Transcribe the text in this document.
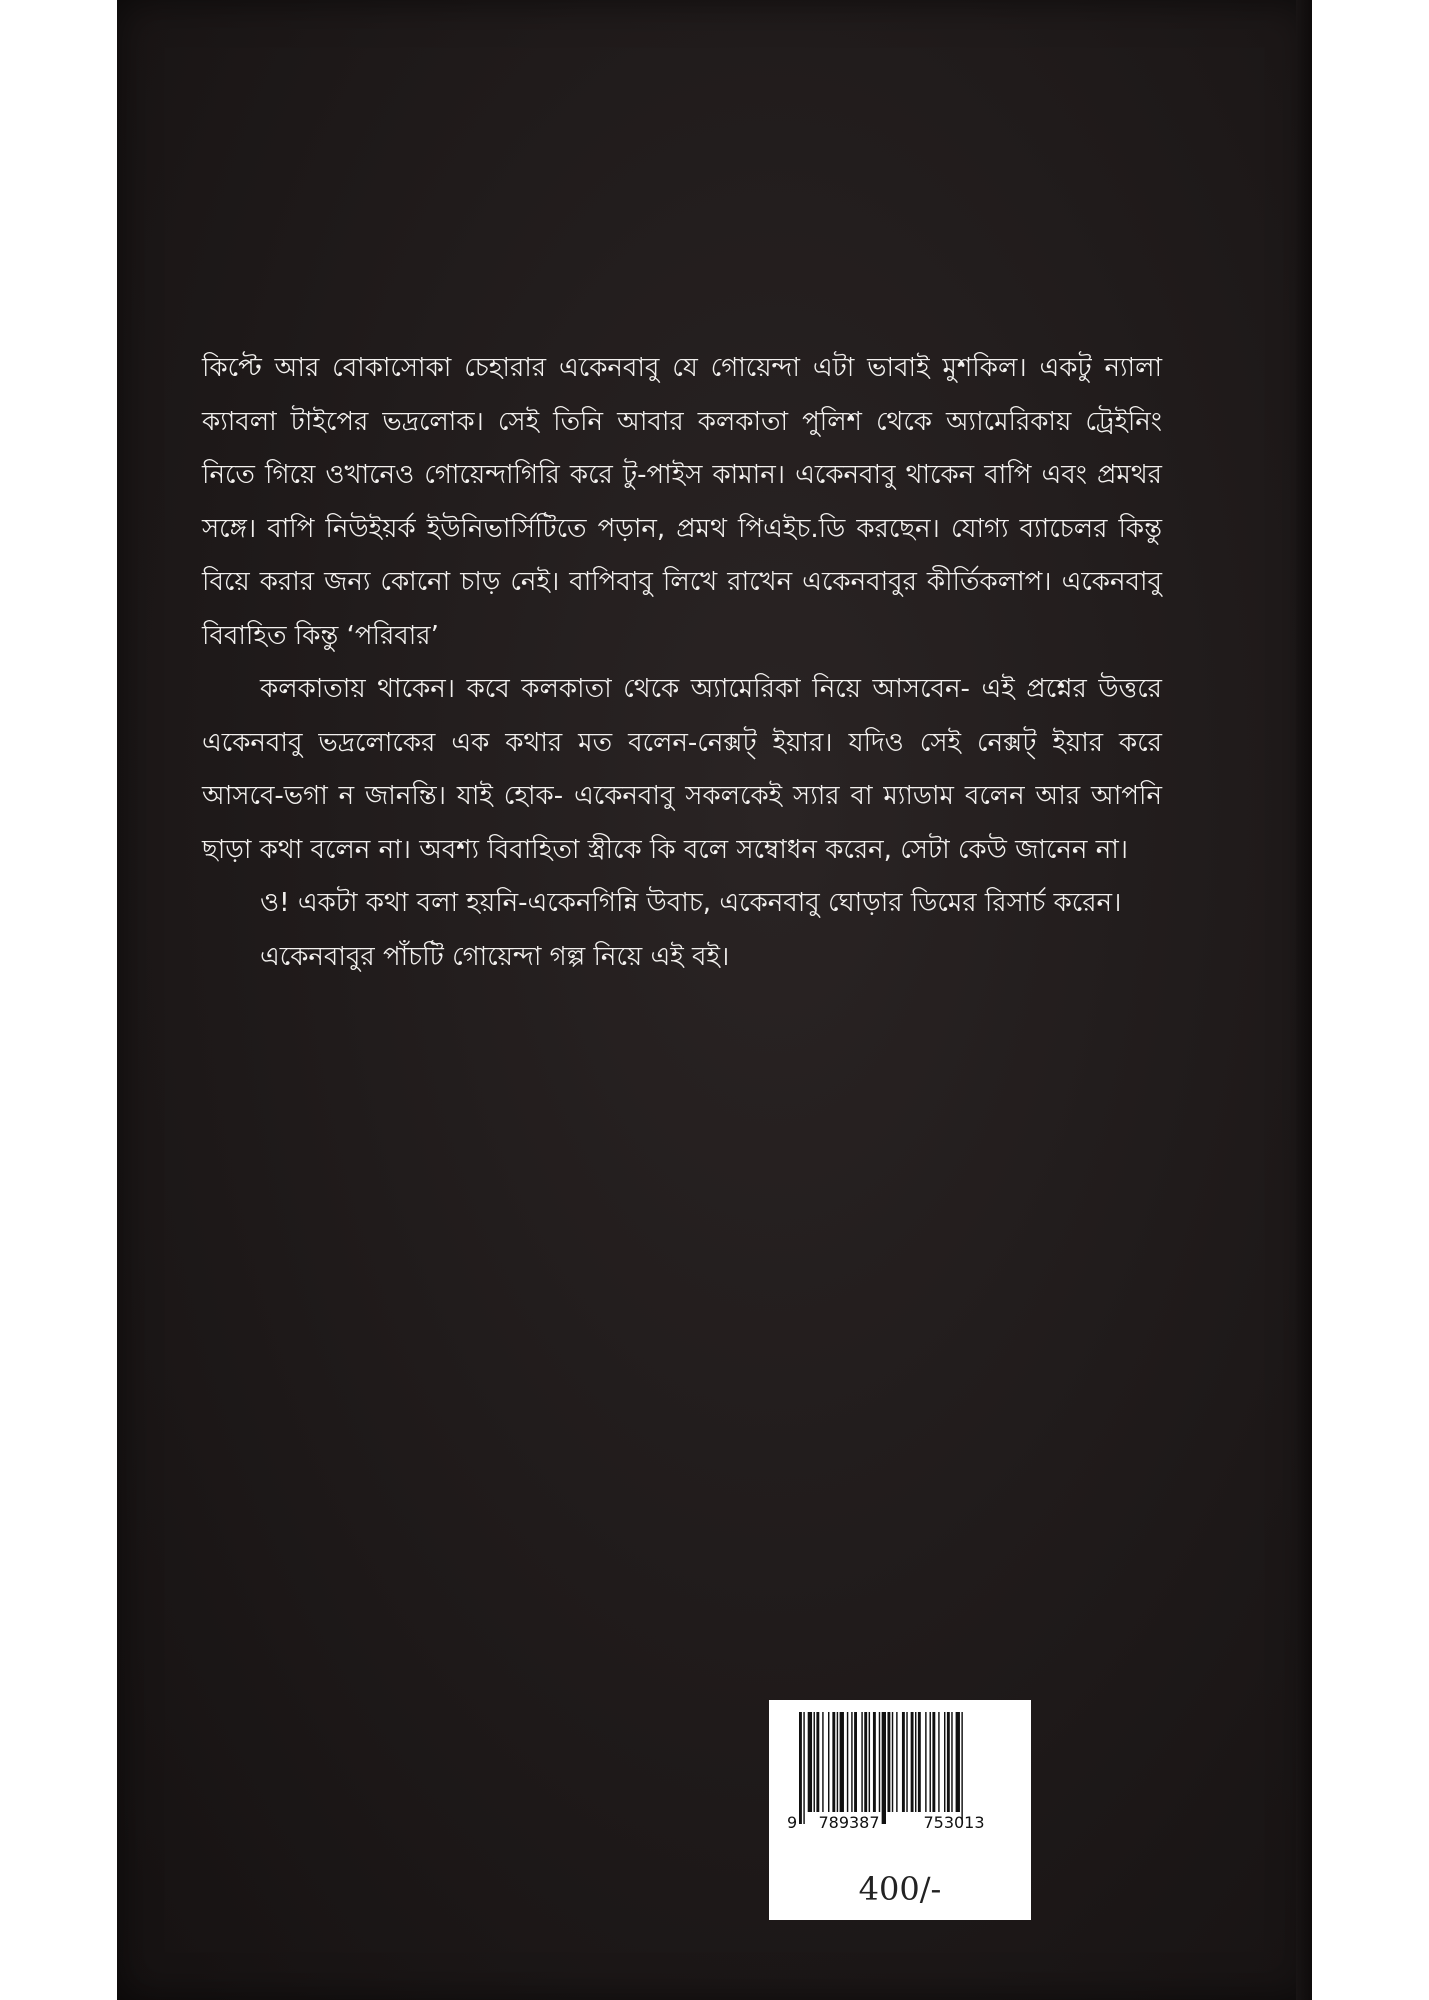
কিপ্টে আর বোকাসোকা চেহারার একেনবাবু যে গোয়েন্দা এটা ভাবাই মুশকিল। একটু ন্যালা ক্যাবলা টাইপের ভদ্রলোক। সেই তিনি আবার কলকাতা পুলিশ থেকে অ্যামেরিকায় ট্রেইনিং নিতে গিয়ে ওখানেও গোয়েন্দাগিরি করে টু-পাইস কামান। একেনবাবু থাকেন বাপি এবং প্রমথর সঙ্গে। বাপি নিউইয়র্ক ইউনিভার্সিটিতে পড়ান, প্রমথ পিএইচ.ডি করছেন। যোগ্য ব্যাচেলর কিন্তু বিয়ে করার জন্য কোনো চাড় নেই। বাপিবাবু লিখে রাখেন একেনবাবুর কীর্তিকলাপ। একেনবাবু বিবাহিত কিন্তু ‘পরিবার’

কলকাতায় থাকেন। কবে কলকাতা থেকে অ্যামেরিকা নিয়ে আসবেন- এই প্রশ্নের উত্তরে একেনবাবু ভদ্রলোকের এক কথার মত বলেন-নেক্সট্ ইয়ার। যদিও সেই নেক্সট্ ইয়ার করে আসবে-ভগা ন জানন্তি। যাই হোক- একেনবাবু সকলকেই স্যার বা ম্যাডাম বলেন আর আপনি ছাড়া কথা বলেন না। অবশ্য বিবাহিতা স্ত্রীকে কি বলে সম্বোধন করেন, সেটা কেউ জানেন না।

ও! একটা কথা বলা হয়নি-একেনগিন্নি উবাচ, একেনবাবু ঘোড়ার ডিমের রিসার্চ করেন।

একেনবাবুর পাঁচটি গোয়েন্দা গল্প নিয়ে এই বই।

9 789387	753013
400/-
